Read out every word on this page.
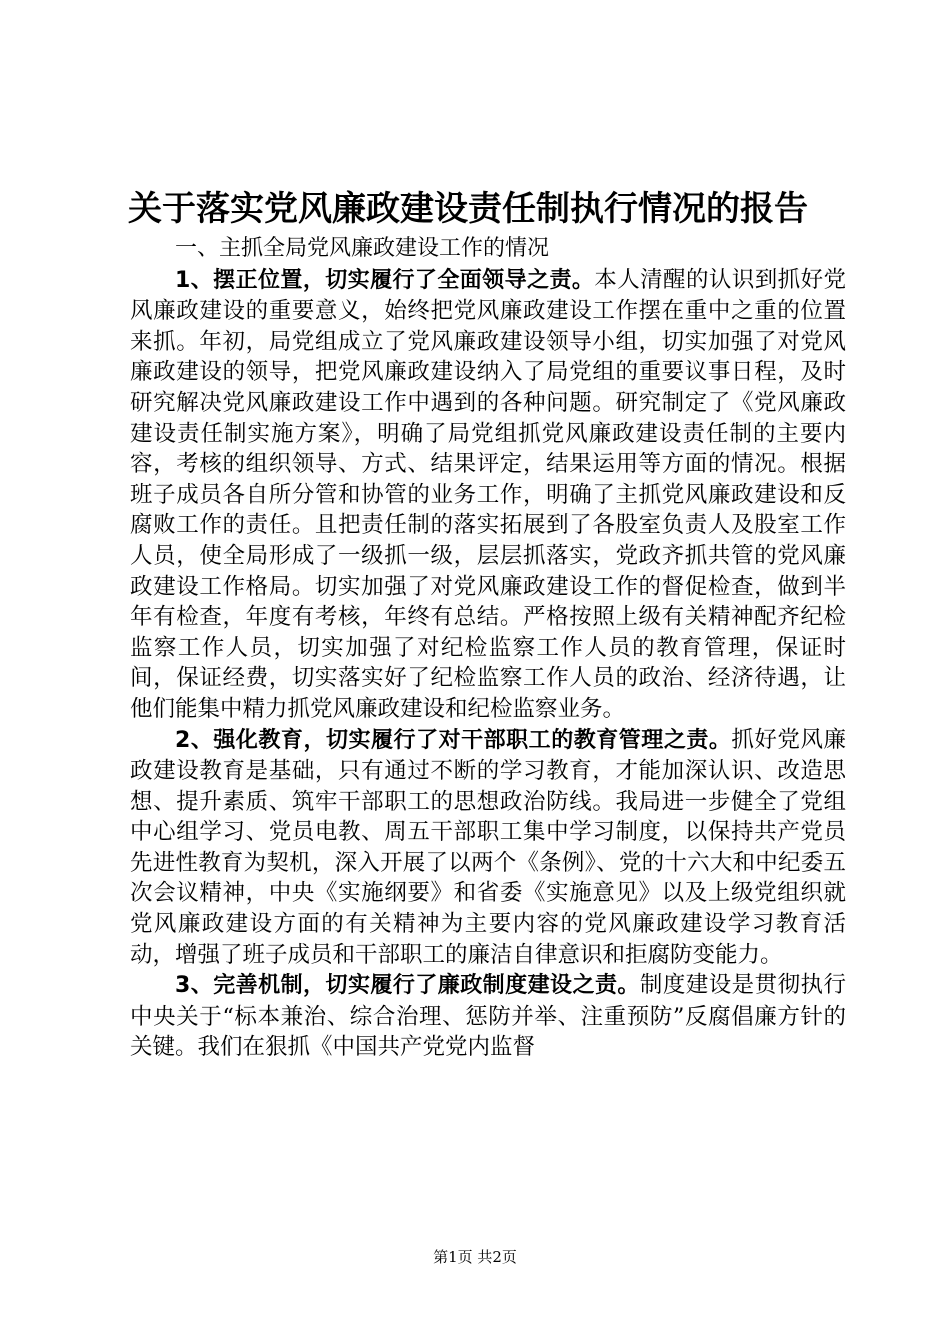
关于落实党风廉政建设责任制执行情况的报告

一、主抓全局党风廉政建设工作的情况

1、摆正位置，切实履行了全面领导之责。本人清醒的认识到抓好党风廉政建设的重要意义，始终把党风廉政建设工作摆在重中之重的位置来抓。年初，局党组成立了党风廉政建设领导小组，切实加强了对党风廉政建设的领导，把党风廉政建设纳入了局党组的重要议事日程，及时研究解决党风廉政建设工作中遇到的各种问题。研究制定了《党风廉政建设责任制实施方案》，明确了局党组抓党风廉政建设责任制的主要内容，考核的组织领导、方式、结果评定，结果运用等方面的情况。根据班子成员各自所分管和协管的业务工作，明确了主抓党风廉政建设和反腐败工作的责任。且把责任制的落实拓展到了各股室负责人及股室工作人员，使全局形成了一级抓一级，层层抓落实，党政齐抓共管的党风廉政建设工作格局。切实加强了对党风廉政建设工作的督促检查，做到半年有检查，年度有考核，年终有总结。严格按照上级有关精神配齐纪检监察工作人员，切实加强了对纪检监察工作人员的教育管理，保证时间，保证经费，切实落实好了纪检监察工作人员的政治、经济待遇，让他们能集中精力抓党风廉政建设和纪检监察业务。

2、强化教育，切实履行了对干部职工的教育管理之责。抓好党风廉政建设教育是基础，只有通过不断的学习教育，才能加深认识、改造思想、提升素质、筑牢干部职工的思想政治防线。我局进一步健全了党组中心组学习、党员电教、周五干部职工集中学习制度，以保持共产党员先进性教育为契机，深入开展了以两个《条例》、党的十六大和中纪委五次会议精神，中央《实施纲要》和省委《实施意见》以及上级党组织就党风廉政建设方面的有关精神为主要内容的党风廉政建设学习教育活动，增强了班子成员和干部职工的廉洁自律意识和拒腐防变能力。

3、完善机制，切实履行了廉政制度建设之责。制度建设是贯彻执行中央关于“标本兼治、综合治理、惩防并举、注重预防”反腐倡廉方针的关键。我们在狠抓《中国共产党党内监督

第1页 共2页
